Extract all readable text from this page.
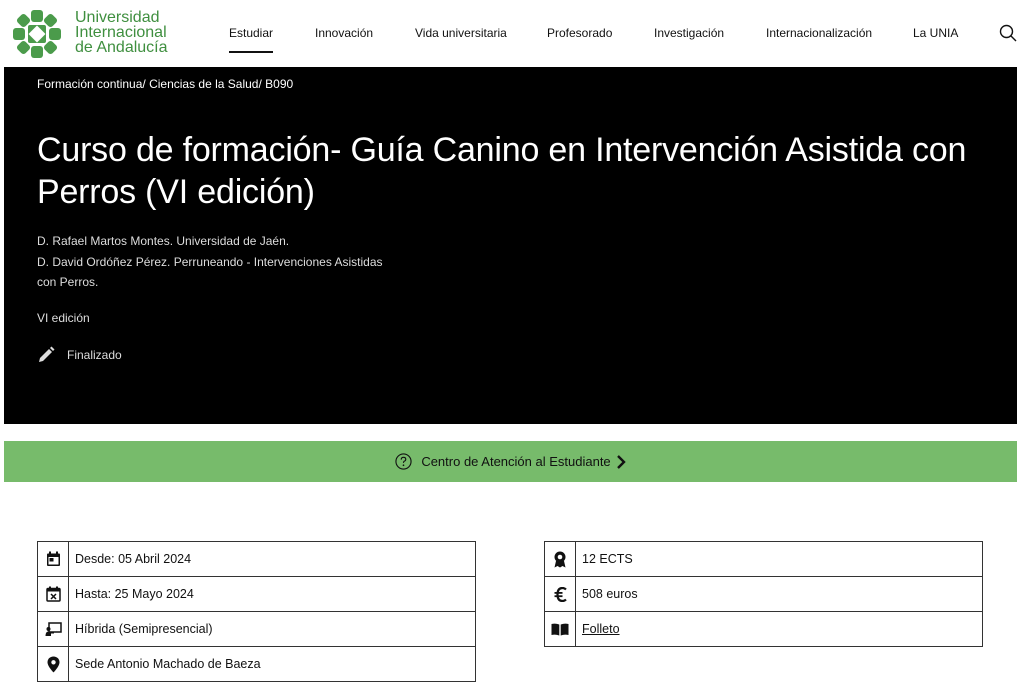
Universidad
Internacional
de Andalucía
Estudiar	Innovación	Vida universitaria	Profesorado	Investigación	Internacionalización	La UNIA
Formación continua/ Ciencias de la Salud/ B090
Curso de formación- Guía Canino en Intervención Asistida con Perros (VI edición)
D. Rafael Martos Montes. Universidad de Jaén.
D. David Ordóñez Pérez. Perruneando - Intervenciones Asistidas con Perros.
VI edición
Finalizado
Centro de Atención al Estudiante
	Desde: 05 Abril 2024

	Hasta: 25 Mayo 2024

	Híbrida (Semipresencial)

	Sede Antonio Machado de Baeza
	12 ECTS

	508 euros

	Folleto
